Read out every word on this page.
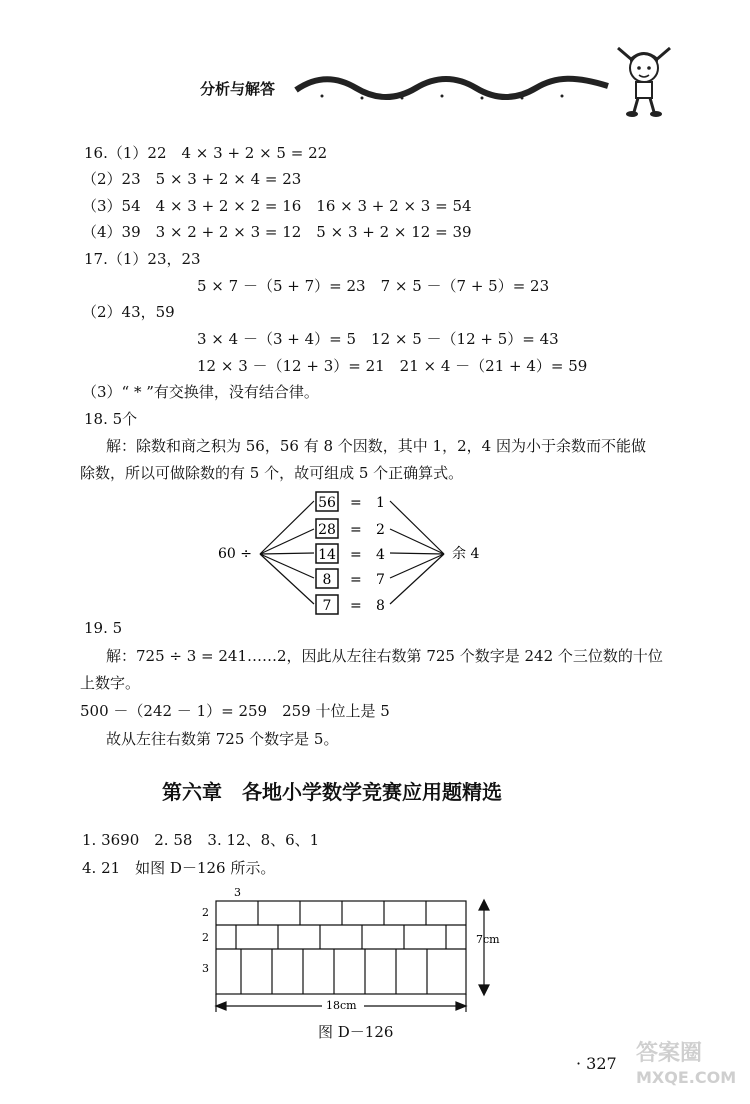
分析与解答
16.（1）22　4 × 3 + 2 × 5 = 22
（2）23　5 × 3 + 2 × 4 = 23
（3）54　4 × 3 + 2 × 2 = 16　16 × 3 + 2 × 3 = 54
（4）39　3 × 2 + 2 × 3 = 12　5 × 3 + 2 × 12 = 39
17.（1）23，23
5 × 7 －（5 + 7）= 23　7 × 5 －（7 + 5）= 23
（2）43，59
3 × 4 －（3 + 4）= 5　12 × 5 －（12 + 5）= 43
12 × 3 －（12 + 3）= 21　21 × 4 －（21 + 4）= 59
（3）“ * ”有交换律，没有结合律。
18. 5个
解：除数和商之积为 56，56 有 8 个因数，其中 1，2，4 因为小于余数而不能做
除数，所以可做除数的有 5 个，故可组成 5 个正确算式。
60 ÷	余 4
56 = 1
28 = 2
14 = 4
8 = 7
7 = 8
19. 5
解：725 ÷ 3 = 241……2，因此从左往右数第 725 个数字是 242 个三位数的十位
上数字。
500 －（242 － 1）= 259　259 十位上是 5
故从左往右数第 725 个数字是 5。
第六章　各地小学数学竞赛应用题精选
1. 3690　2. 58　3. 12、8、6、1
4. 21　如图 D－126 所示。
3
2
2
3
7cm
18cm
图 D－126
· 327 答案圈
MXQE.COM
